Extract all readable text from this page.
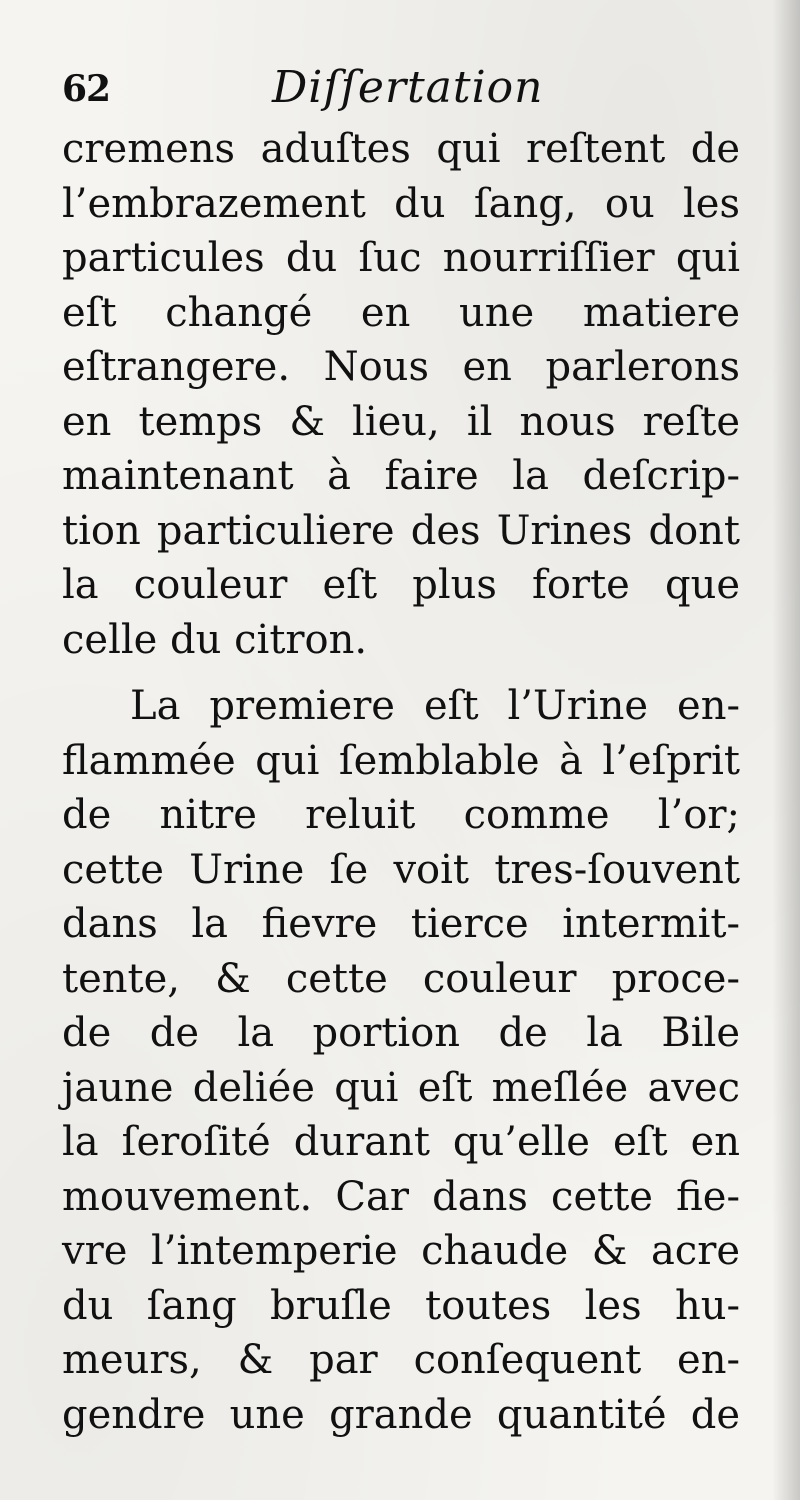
62	Diſſertation
cremens aduſtes qui reſtent de
l’embrazement du ſang, ou les
particules du ſuc nourriſſier qui
eſt changé en une matiere
eſtrangere. Nous en parlerons
en temps & lieu, il nous reſte
maintenant à faire la deſcrip-
tion particuliere des Urines dont
la couleur eſt plus forte que
celle du citron.
La premiere eſt l’Urine en-
flammée qui ſemblable à l’eſprit
de nitre reluit comme l’or;
cette Urine ſe voit tres-ſouvent
dans la fievre tierce intermit-
tente, & cette couleur proce-
de de la portion de la Bile
jaune deliée qui eſt meſlée avec
la ſeroſité durant qu’elle eſt en
mouvement. Car dans cette fie-
vre l’intemperie chaude & acre
du ſang bruſle toutes les hu-
meurs, & par conſequent en-
gendre une grande quantité de
